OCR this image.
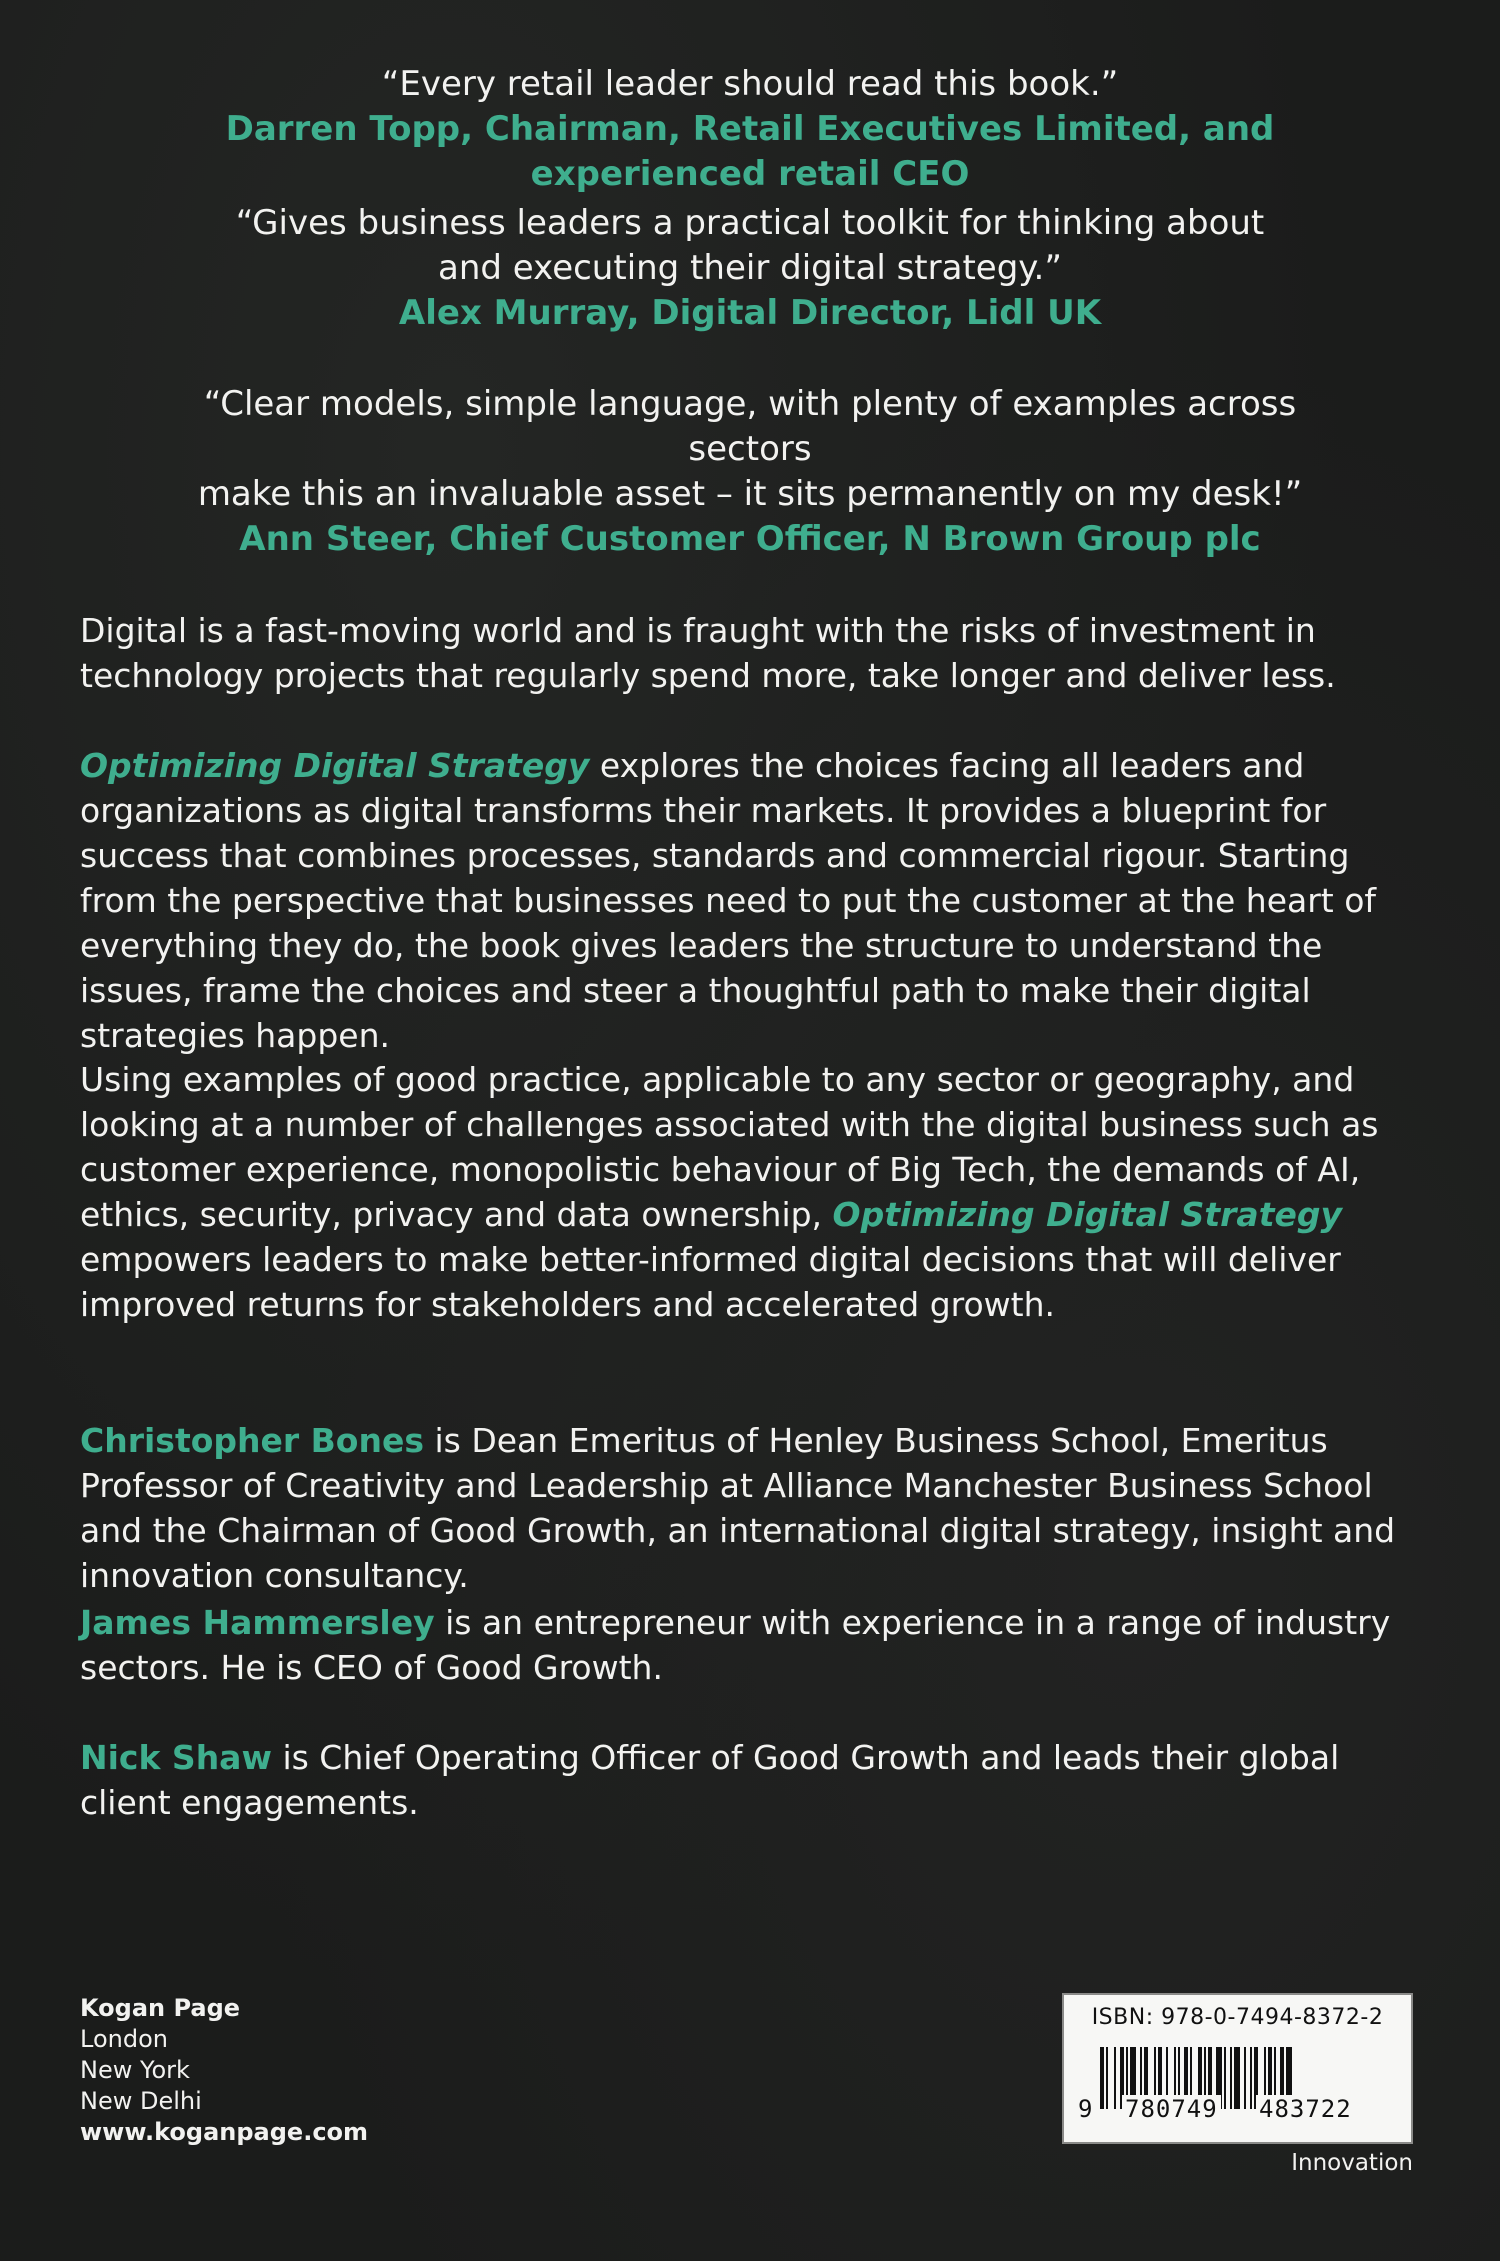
“Every retail leader should read this book.”
Darren Topp, Chairman, Retail Executives Limited, and experienced retail CEO
“Gives business leaders a practical toolkit for thinking about
and executing their digital strategy.”
Alex Murray, Digital Director, Lidl UK
“Clear models, simple language, with plenty of examples across sectors
make this an invaluable asset – it sits permanently on my desk!”
Ann Steer, Chief Customer Officer, N Brown Group plc

Digital is a fast-moving world and is fraught with the risks of investment in technology projects that regularly spend more, take longer and deliver less.

Optimizing Digital Strategy explores the choices facing all leaders and organizations as digital transforms their markets. It provides a blueprint for success that combines processes, standards and commercial rigour. Starting from the perspective that businesses need to put the customer at the heart of everything they do, the book gives leaders the structure to understand the issues, frame the choices and steer a thoughtful path to make their digital strategies happen.

Using examples of good practice, applicable to any sector or geography, and looking at a number of challenges associated with the digital business such as customer experience, monopolistic behaviour of Big Tech, the demands of AI, ethics, security, privacy and data ownership, Optimizing Digital Strategy empowers leaders to make better-informed digital decisions that will deliver improved returns for stakeholders and accelerated growth.

Christopher Bones is Dean Emeritus of Henley Business School, Emeritus Professor of Creativity and Leadership at Alliance Manchester Business School and the Chairman of Good Growth, an international digital strategy, insight and innovation consultancy.

James Hammersley is an entrepreneur with experience in a range of industry sectors. He is CEO of Good Growth.

Nick Shaw is Chief Operating Officer of Good Growth and leads their global client engagements.

Kogan Page
London
New York
New Delhi
www.koganpage.com
ISBN: 978-0-7494-8372-2
9 780749 483722
Innovation
